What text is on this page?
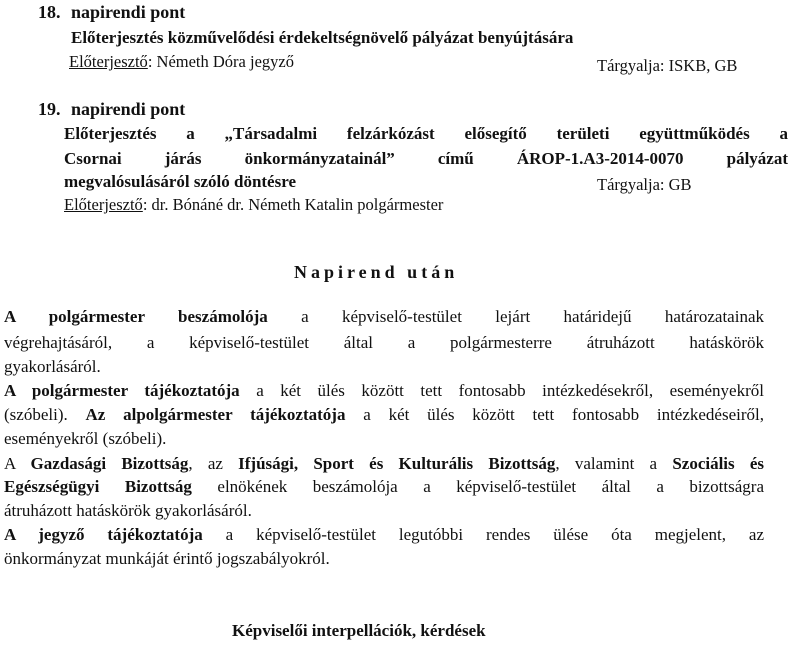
18. napirendi pont

Előterjesztés közművelődési érdekeltségnövelő pályázat benyújtására

Előterjesztő: Németh Dóra jegyző	Tárgyalja: ISKB, GB

19. napirendi pont

Előterjesztés a „Társadalmi felzárkózást elősegítő területi együttműködés a

Csornai járás önkormányzatainál” című ÁROP-1.A3-2014-0070 pályázat

megvalósulásáról szóló döntésre	Tárgyalja: GB

Előterjesztő: dr. Bónáné dr. Németh Katalin polgármester

Napirend után

A polgármester beszámolója a képviselő-testület lejárt határidejű határozatainak

végrehajtásáról, a képviselő-testület által a polgármesterre átruházott hatáskörök

gyakorlásáról.

A polgármester tájékoztatója a két ülés között tett fontosabb intézkedésekről, eseményekről

(szóbeli). Az alpolgármester tájékoztatója a két ülés között tett fontosabb intézkedéseiről,

eseményekről (szóbeli).

A Gazdasági Bizottság, az Ifjúsági, Sport és Kulturális Bizottság, valamint a Szociális és

Egészségügyi Bizottság elnökének beszámolója a képviselő-testület által a bizottságra

átruházott hatáskörök gyakorlásáról.

A jegyző tájékoztatója a képviselő-testület legutóbbi rendes ülése óta megjelent, az

önkormányzat munkáját érintő jogszabályokról.

Képviselői interpellációk, kérdések
